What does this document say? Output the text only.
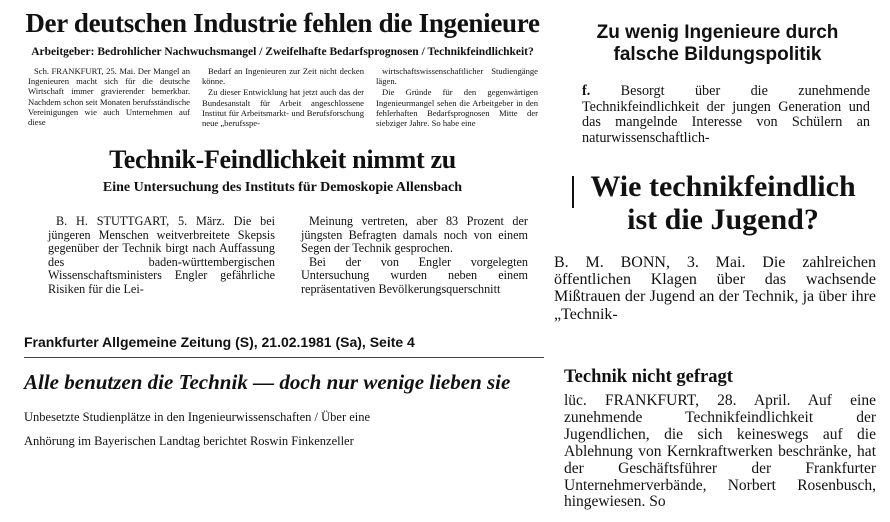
Der deutschen Industrie fehlen die Ingenieure
Arbeitgeber: Bedrohlicher Nachwuchsmangel / Zweifelhafte Bedarfsprognosen / Technikfeindlichkeit?

Sch. FRANKFURT, 25. Mai. Der Mangel an Ingenieuren macht sich für die deutsche Wirtschaft immer gravierender bemerkbar. Nachdem schon seit Monaten berufsständische Vereinigungen wie auch Unternehmen auf diese

Bedarf an Ingenieuren zur Zeit nicht decken könne.

Zu dieser Entwicklung hat jetzt auch das der Bundesanstalt für Arbeit angeschlossene Institut für Arbeitsmarkt- und Berufsforschung neue „berufsspe-

wirtschaftswissenschaftlicher Studiengänge lägen.

Die Gründe für den gegenwärtigen Ingenieurmangel sehen die Arbeitgeber in den fehlerhaften Bedarfsprognosen Mitte der siebziger Jahre. So habe eine

Technik-Feindlichkeit nimmt zu
Eine Untersuchung des Instituts für Demoskopie Allensbach

B. H. STUTTGART, 5. März. Die bei jüngeren Menschen weitverbreitete Skepsis gegenüber der Technik birgt nach Auffassung des baden-württembergischen Wissenschaftsministers Engler gefährliche Risiken für die Lei-

Meinung vertreten, aber 83 Prozent der jüngsten Befragten damals noch von einem Segen der Technik gesprochen.

Bei der von Engler vorgelegten Untersuchung wurden neben einem repräsentativen Bevölkerungsquerschnitt

Frankfurter Allgemeine Zeitung (S), 21.02.1981 (Sa), Seite 4
Alle benutzen die Technik — doch nur wenige lieben sie
Unbesetzte Studienplätze in den Ingenieurwissenschaften / Über eine
Anhörung im Bayerischen Landtag berichtet Roswin Finkenzeller
Zu wenig Ingenieure durch
falsche Bildungspolitik
f. Besorgt über die zunehmende Technikfeindlichkeit der jungen Generation und das mangelnde Interesse von Schülern an naturwissenschaftlich-
Wie technikfeindlich
ist die Jugend?
B. M. BONN, 3. Mai. Die zahlreichen öffentlichen Klagen über das wachsende Mißtrauen der Jugend an der Technik, ja über ihre „Technik-
Technik nicht gefragt
lüc. FRANKFURT, 28. April. Auf eine zunehmende Technikfeindlichkeit der Jugendlichen, die sich keineswegs auf die Ablehnung von Kernkraftwerken beschränke, hat der Geschäftsführer der Frankfurter Unternehmerverbände, Norbert Rosenbusch, hingewiesen. So
